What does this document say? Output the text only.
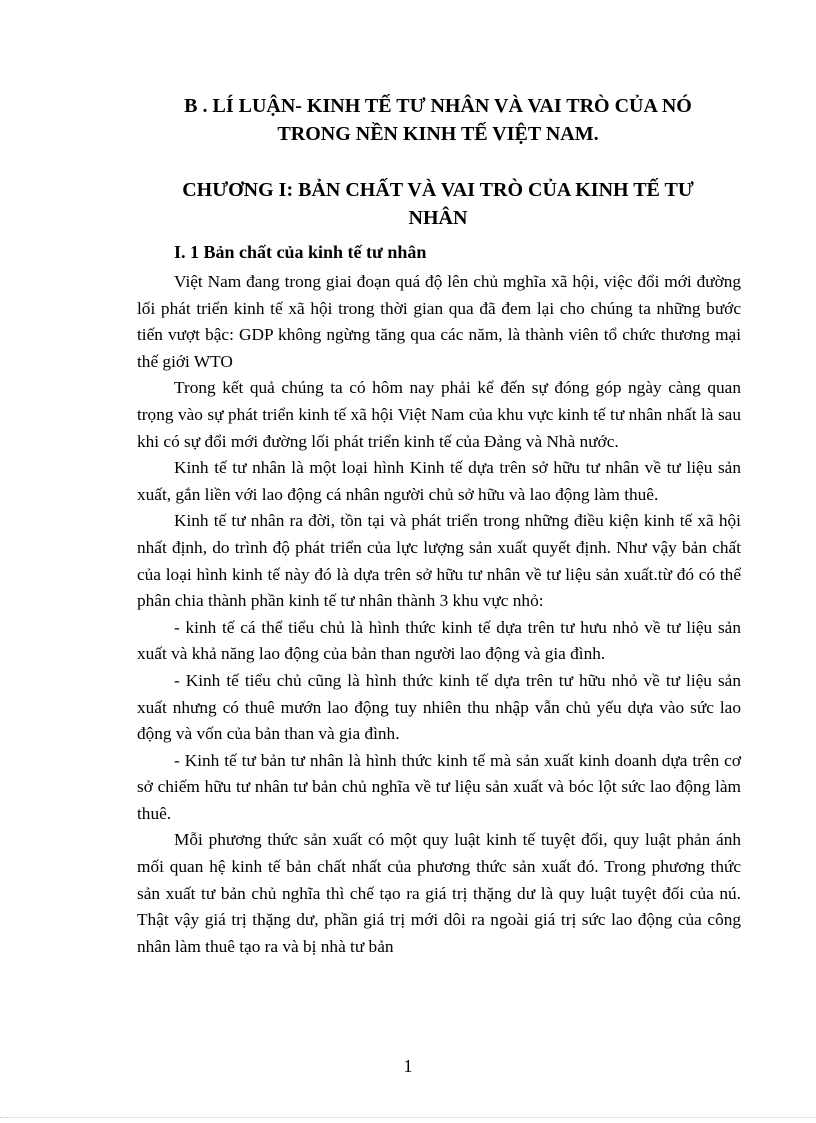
B . LÍ LUẬN- KINH TẾ TƯ NHÂN VÀ VAI TRÒ CỦA NÓ
TRONG NỀN KINH TẾ VIỆT NAM.
CHƯƠNG I: BẢN CHẤT VÀ VAI TRÒ CỦA KINH TẾ TƯ
NHÂN
I. 1 Bản chất của kinh tế tư nhân

Việt Nam đang trong giai đoạn quá độ lên chủ mghĩa xã hội, việc đổi mới đường lối phát triển kinh tế xã hội trong thời gian qua đã đem lại cho chúng ta những bước tiến vượt bậc: GDP không ngừng tăng qua các năm, là thành viên tổ chức thương mại thế giới WTO

Trong kết quả chúng ta có hôm nay phải kể đến sự đóng góp ngày càng quan trọng vào sự phát triển kinh tế xã hội Việt Nam của khu vực kinh tế tư nhân nhất là sau khi có sự đổi mới đường lối phát triển kinh tế của Đảng và Nhà nước.

Kinh tế tư nhân là một loại hình Kinh tế dựa trên sở hữu tư nhân về tư liệu sản xuất, gắn liền với lao động cá nhân người chủ sở hữu và lao động làm thuê.

Kinh tế tư nhân ra đời, tồn tại và phát triển trong những điều kiện kinh tế xã hội nhất định, do trình độ phát triển của lực lượng sản xuất quyết định. Như vậy bản chất của loại hình kinh tế này đó là dựa trên sở hữu tư nhân về tư liệu sản xuất.từ đó có thể phân chia thành phần kinh tế tư nhân thành 3 khu vực nhỏ:

- kinh tế cá thể tiểu chủ là hình thức kinh tế dựa trên tư hưu nhỏ về tư liệu sản xuất và khả năng lao động của bản than người lao động và gia đình.

- Kinh tế tiểu chủ cũng là hình thức kinh tế dựa trên tư hữu nhỏ về tư liệu sản xuất nhưng có thuê mướn lao động tuy nhiên thu nhập vẫn chủ yếu dựa vào sức lao động và vốn của bản than và gia đình.

- Kinh tế tư bản tư nhân là hình thức kinh tế mà sản xuất kinh doanh dựa trên cơ sở chiếm hữu tư nhân tư bản chủ nghĩa về tư liệu sản xuất và bóc lột sức lao động làm thuê.

Mỗi phương thức sản xuất có một quy luật kinh tế tuyệt đối, quy luật phản ánh mối quan hệ kinh tế bản chất nhất của phương thức sản xuất đó. Trong phương thức sản xuất tư bản chủ nghĩa thì chế tạo ra giá trị thặng dư là quy luật tuyệt đối của nú. Thật vậy giá trị thặng dư, phần giá trị mới dôi ra ngoài giá trị sức lao động của công nhân làm thuê tạo ra và bị nhà tư bản

1
